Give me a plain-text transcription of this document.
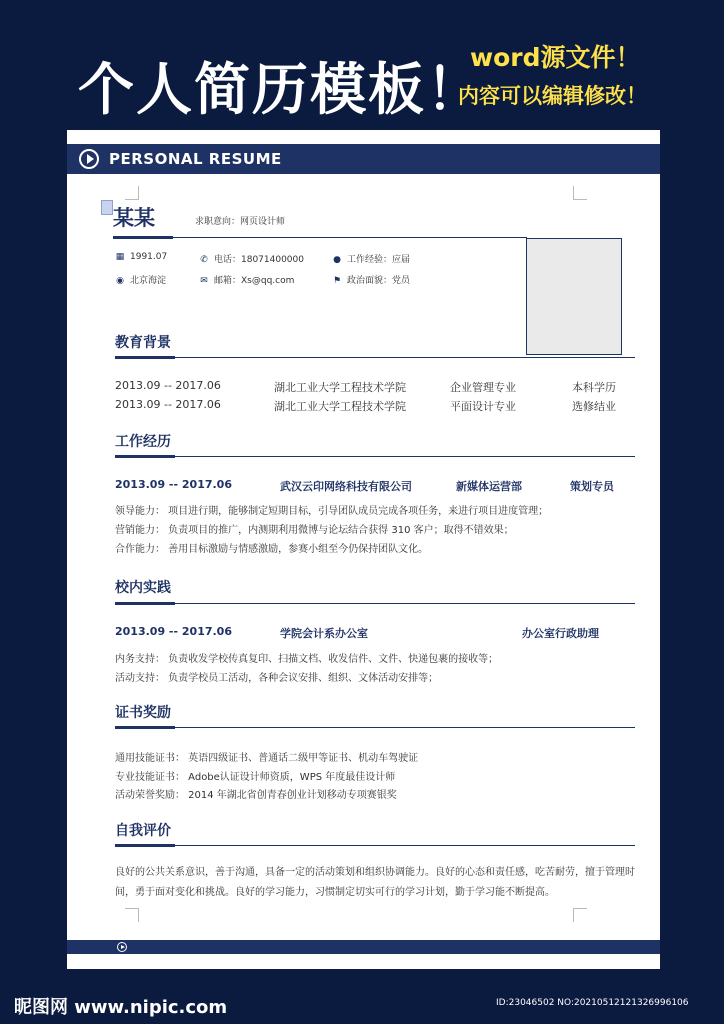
个人简历模板！
word源文件！
内容可以编辑修改！
PERSONAL RESUME
某某	求职意向：网页设计师
▦ 1991.07	✆ 电话：18071400000	● 工作经验：应届
◉ 北京海淀	✉ 邮箱：Xs@qq.com	⚑ 政治面貌：党员
教育背景
2013.09 -- 2017.06	湖北工业大学工程技术学院	企业管理专业	本科学历
2013.09 -- 2017.06	湖北工业大学工程技术学院	平面设计专业	选修结业
工作经历
2013.09 -- 2017.06	武汉云印网络科技有限公司	新媒体运营部	策划专员
领导能力： 项目进行期，能够制定短期目标，引导团队成员完成各项任务，来进行项目进度管理；
营销能力： 负责项目的推广，内测期利用微博与论坛结合获得 310 客户；取得不错效果；
合作能力： 善用目标激励与情感激励，参赛小组至今仍保持团队文化。
校内实践
2013.09 -- 2017.06	学院会计系办公室	办公室行政助理
内务支持： 负责收发学校传真复印、扫描文档、收发信件、文件、快递包裹的接收等；
活动支持： 负责学校员工活动，各种会议安排、组织、文体活动安排等；
证书奖励
通用技能证书： 英语四级证书、普通话二级甲等证书、机动车驾驶证
专业技能证书： Adobe认证设计师资质，WPS 年度最佳设计师
活动荣誉奖励： 2014 年湖北省创青春创业计划移动专项赛银奖
自我评价
良好的公共关系意识，善于沟通，具备一定的活动策划和组织协调能力。良好的心态和责任感，吃苦耐劳，擅于管理时间，勇于面对变化和挑战。良好的学习能力，习惯制定切实可行的学习计划，勤于学习能不断提高。
昵图网 www.nipic.com	ID:23046502 NO:20210512121326996106
